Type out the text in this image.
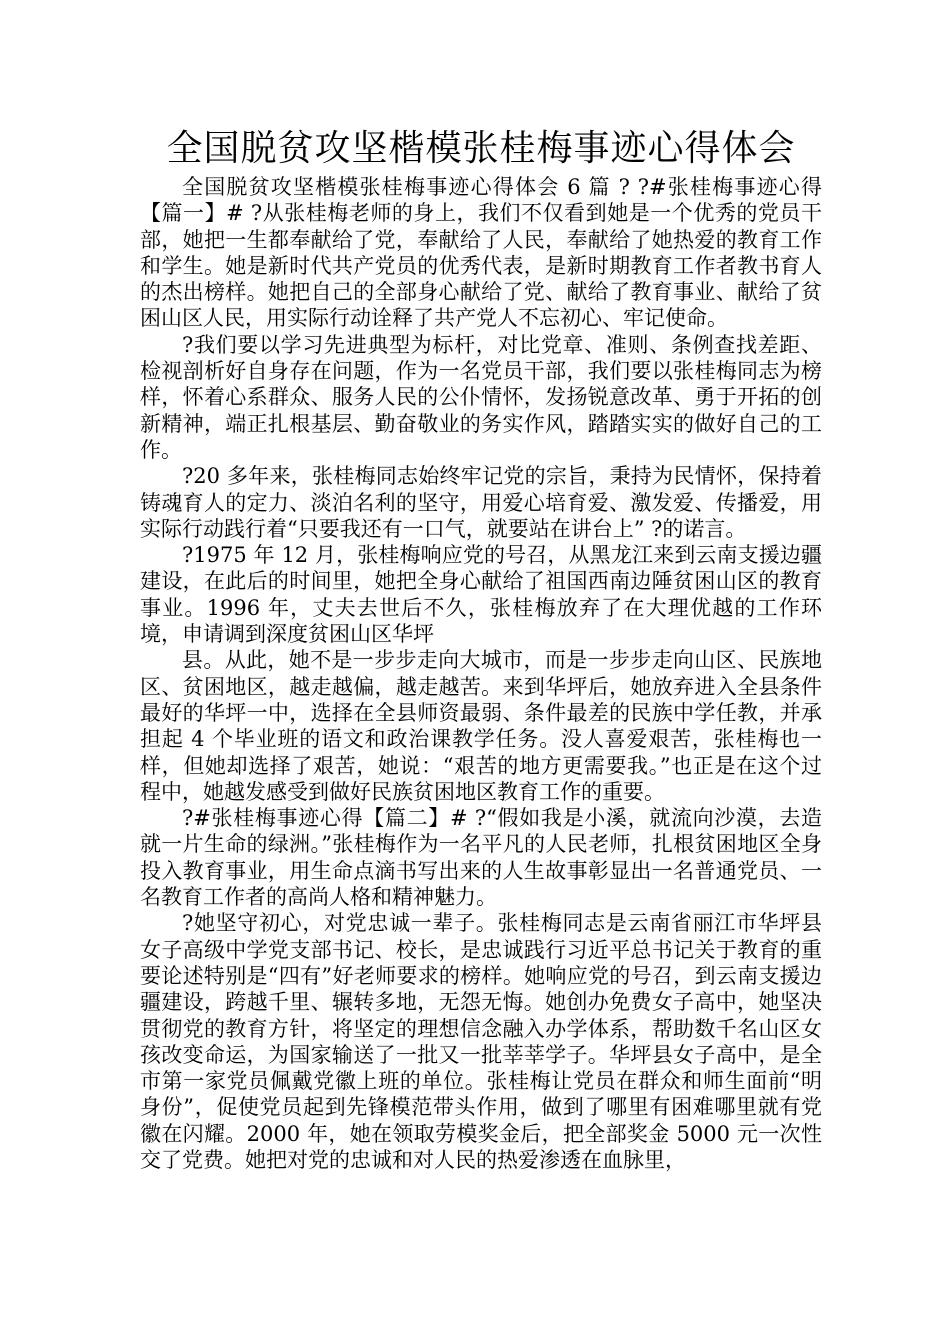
全国脱贫攻坚楷模张桂梅事迹心得体会

全国脱贫攻坚楷模张桂梅事迹心得体会 6 篇 ? ?#张桂梅事迹心得【篇一】# ?从张桂梅老师的身上，我们不仅看到她是一个优秀的党员干部，她把一生都奉献给了党，奉献给了人民，奉献给了她热爱的教育工作和学生。她是新时代共产党员的优秀代表，是新时期教育工作者教书育人的杰出榜样。她把自己的全部身心献给了党、献给了教育事业、献给了贫困山区人民，用实际行动诠释了共产党人不忘初心、牢记使命。

?我们要以学习先进典型为标杆，对比党章、准则、条例查找差距、检视剖析好自身存在问题，作为一名党员干部，我们要以张桂梅同志为榜样，怀着心系群众、服务人民的公仆情怀，发扬锐意改革、勇于开拓的创新精神，端正扎根基层、勤奋敬业的务实作风，踏踏实实的做好自己的工作。

?20 多年来，张桂梅同志始终牢记党的宗旨，秉持为民情怀，保持着铸魂育人的定力、淡泊名利的坚守，用爱心培育爱、激发爱、传播爱，用实际行动践行着“只要我还有一口气，就要站在讲台上” ?的诺言。

?1975 年 12 月，张桂梅响应党的号召，从黑龙江来到云南支援边疆建设，在此后的时间里，她把全身心献给了祖国西南边陲贫困山区的教育事业。1996 年，丈夫去世后不久，张桂梅放弃了在大理优越的工作环境，申请调到深度贫困山区华坪

县。从此，她不是一步步走向大城市，而是一步步走向山区、民族地区、贫困地区，越走越偏，越走越苦。来到华坪后，她放弃进入全县条件最好的华坪一中，选择在全县师资最弱、条件最差的民族中学任教，并承担起 4 个毕业班的语文和政治课教学任务。没人喜爱艰苦，张桂梅也一样，但她却选择了艰苦，她说：“艰苦的地方更需要我。”也正是在这个过程中，她越发感受到做好民族贫困地区教育工作的重要。

?#张桂梅事迹心得【篇二】# ?“假如我是小溪，就流向沙漠，去造就一片生命的绿洲。”张桂梅作为一名平凡的人民老师，扎根贫困地区全身投入教育事业，用生命点滴书写出来的人生故事彰显出一名普通党员、一名教育工作者的高尚人格和精神魅力。

?她坚守初心，对党忠诚一辈子。张桂梅同志是云南省丽江市华坪县女子高级中学党支部书记、校长，是忠诚践行习近平总书记关于教育的重要论述特别是“四有”好老师要求的榜样。她响应党的号召，到云南支援边疆建设，跨越千里、辗转多地，无怨无悔。她创办免费女子高中，她坚决贯彻党的教育方针，将坚定的理想信念融入办学体系，帮助数千名山区女孩改变命运，为国家输送了一批又一批莘莘学子。华坪县女子高中，是全市第一家党员佩戴党徽上班的单位。张桂梅让党员在群众和师生面前“明身份”，促使党员起到先锋模范带头作用，做到了哪里有困难哪里就有党徽在闪耀。2000 年，她在领取劳模奖金后，把全部奖金 5000 元一次性交了党费。她把对党的忠诚和对人民的热爱渗透在血脉里，
